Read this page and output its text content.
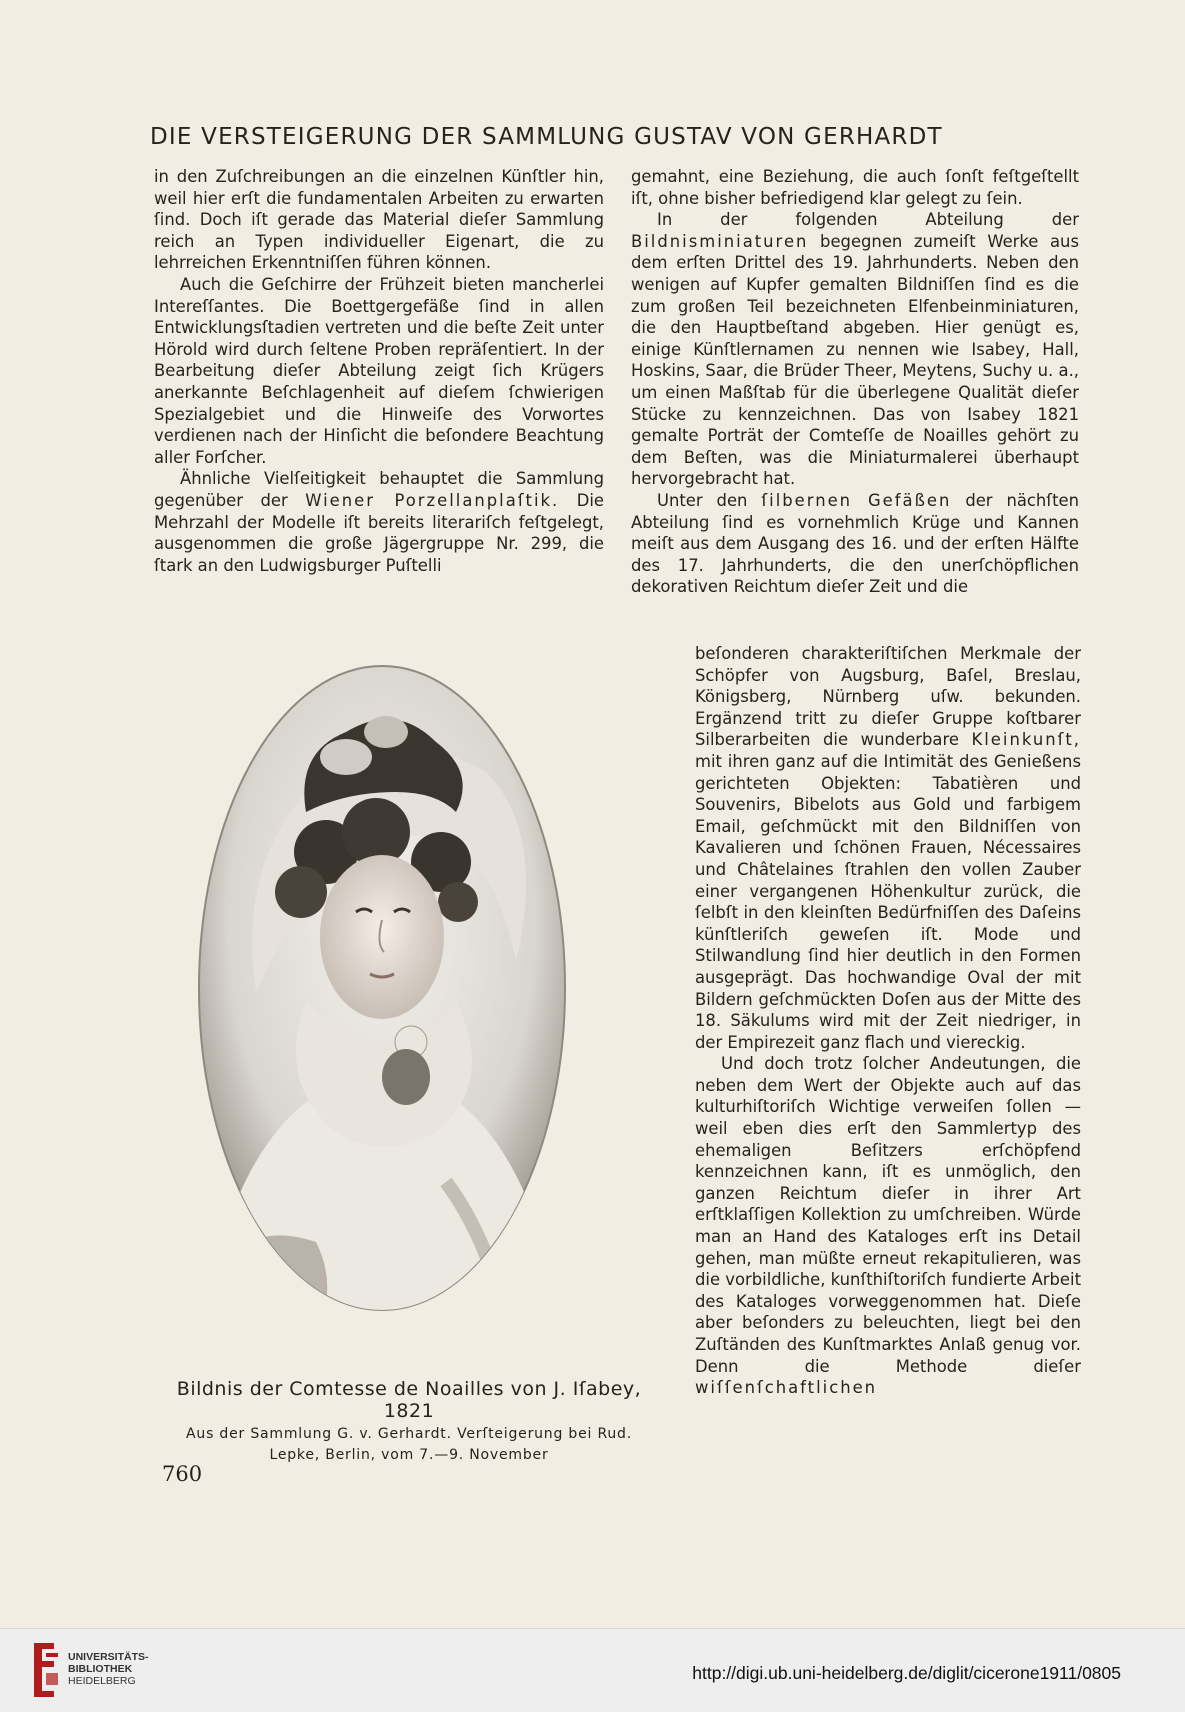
DIE VERSTEIGERUNG DER SAMMLUNG GUSTAV VON GERHARDT

in den Zuſchreibungen an die einzelnen Künſtler hin, weil hier erſt die fundamentalen Arbeiten zu erwarten ſind. Doch iſt gerade das Material dieſer Sammlung reich an Typen individueller Eigenart, die zu lehrreichen Erkenntniſſen führen können.

Auch die Geſchirre der Frühzeit bieten mancherlei Intereſſantes. Die Boettgergefäße ſind in allen Entwicklungsſtadien vertreten und die beſte Zeit unter Hörold wird durch ſeltene Proben repräſentiert. In der Bearbeitung dieſer Abteilung zeigt ſich Krügers anerkannte Beſchlagenheit auf dieſem ſchwierigen Spezialgebiet und die Hinweiſe des Vorwortes verdienen nach der Hinſicht die beſondere Beachtung aller Forſcher.

Ähnliche Vielſeitigkeit behauptet die Sammlung gegenüber der Wiener Porzellanplaſtik. Die Mehrzahl der Modelle iſt bereits literariſch feſtgelegt, ausgenommen die große Jägergruppe Nr. 299, die ſtark an den Ludwigsburger Puſtelli

Bildnis der Comtesse de Noailles von J. Iſabey, 1821
Aus der Sammlung G. v. Gerhardt. Verſteigerung bei Rud.
Lepke, Berlin, vom 7.—9. November
760

gemahnt, eine Beziehung, die auch ſonſt feſtgeſtellt iſt, ohne bisher befriedigend klar gelegt zu ſein.

In der folgenden Abteilung der Bildnisminiaturen begegnen zumeiſt Werke aus dem erſten Drittel des 19. Jahrhunderts. Neben den wenigen auf Kupfer gemalten Bildniſſen ſind es die zum großen Teil bezeichneten Elfenbeinminiaturen, die den Hauptbeſtand abgeben. Hier genügt es, einige Künſtlernamen zu nennen wie Isabey, Hall, Hoskins, Saar, die Brüder Theer, Meytens, Suchy u. a., um einen Maßſtab für die überlegene Qualität dieſer Stücke zu kennzeichnen. Das von Isabey 1821 gemalte Porträt der Comteſſe de Noailles gehört zu dem Beſten, was die Miniaturmalerei überhaupt hervorgebracht hat.

Unter den ſilbernen Gefäßen der nächſten Abteilung ſind es vornehmlich Krüge und Kannen meiſt aus dem Ausgang des 16. und der erſten Hälfte des 17. Jahrhunderts, die den unerſchöpflichen dekorativen Reichtum dieſer Zeit und die

beſonderen charakteriſtiſchen Merkmale der Schöpfer von Augsburg, Baſel, Breslau, Königsberg, Nürnberg uſw. bekunden. Ergänzend tritt zu dieſer Gruppe koſtbarer Silberarbeiten die wunderbare Kleinkunſt, mit ihren ganz auf die Intimität des Genießens gerichteten Objekten: Tabatièren und Souvenirs, Bibelots aus Gold und farbigem Email, geſchmückt mit den Bildniſſen von Kavalieren und ſchönen Frauen, Nécessaires und Châtelaines ſtrahlen den vollen Zauber einer vergangenen Höhenkultur zurück, die ſelbſt in den kleinſten Bedürfniſſen des Daſeins künſtleriſch geweſen iſt. Mode und Stilwandlung ſind hier deutlich in den Formen ausgeprägt. Das hochwandige Oval der mit Bildern geſchmückten Doſen aus der Mitte des 18. Säkulums wird mit der Zeit niedriger, in der Empirezeit ganz flach und viereckig.

Und doch trotz ſolcher Andeutungen, die neben dem Wert der Objekte auch auf das kulturhiſtoriſch Wichtige verweiſen ſollen — weil eben dies erſt den Sammlertyp des ehemaligen Beſitzers erſchöpfend kennzeichnen kann, iſt es unmöglich, den ganzen Reichtum dieſer in ihrer Art erſtklaſſigen Kollektion zu umſchreiben. Würde man an Hand des Kataloges erſt ins Detail gehen, man müßte erneut rekapitulieren, was die vorbildliche, kunſthiſtoriſch fundierte Arbeit des Kataloges vorweggenommen hat. Dieſe aber beſonders zu beleuchten, liegt bei den Zuſtänden des Kunſtmarktes Anlaß genug vor. Denn die Methode dieſer wiſſenſchaftlichen

UNIVERSITÄTS-
BIBLIOTHEK
HEIDELBERG	http://digi.ub.uni-heidelberg.de/diglit/cicerone1911/0805
